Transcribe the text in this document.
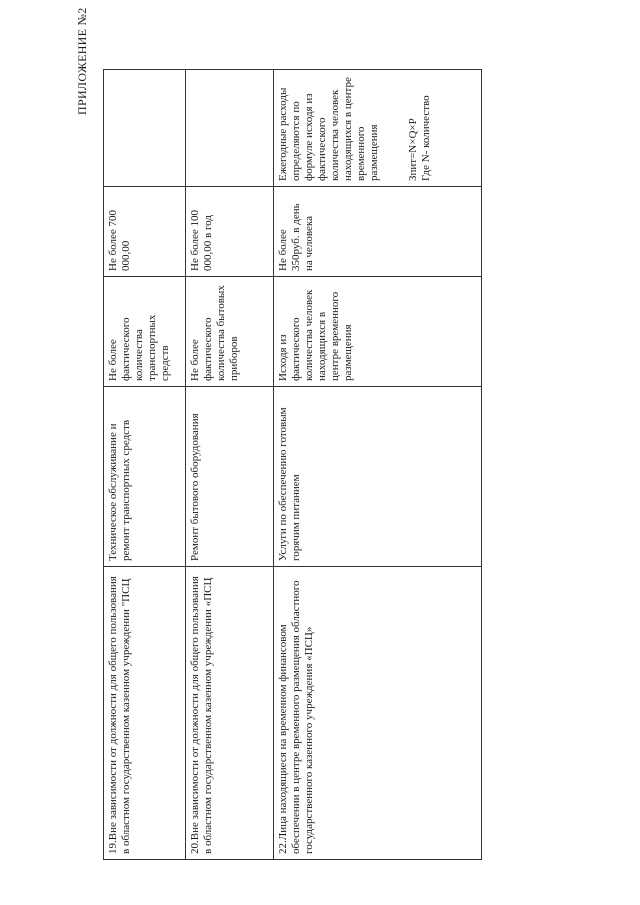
ПРИЛОЖЕНИЕ №2
19.Вне зависимости от должности для общего пользования в областном государственном казенном учреждении "ПСЦ	Техническое обслуживание и ремонт транспортных средств	Не более фактического количества транспортных средств	Не более 700 000,00	
20.Вне зависимости от должности для общего пользования в областном государственном казенном учреждении «ПСЦ	Ремонт бытового оборудования	Не более фактического количества бытовых приборов	Не более 100 000,00 в год	
22.Лица находящиеся на временном финансовом обеспечении в центре временного размещения областного государственного казенного учреждения «ПСЦ»	Услуги по обеспечению готовым горячим питанием	Исходя из фактического количества человек находящихся в центре временного размещения	Не более 350руб. в день на человека	Ежегодные расходы определяются по формуле исходя из фактического количества человек находящихся в центре временного размещения Зпит=N×Q×P Где N- количество
